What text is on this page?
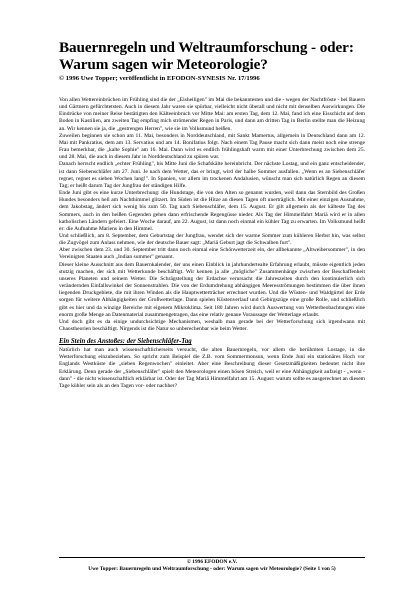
Bauernregeln und Weltraumforschung - oder: Warum sagen wir Meteorologie?

© 1996 Uwe Topper; veröffentlicht in EFODON-SYNESIS Nr. 17/1996

Von allen Wettereinbrüchen im Frühling sind die der „Eisheiligen" im Mai die bekanntesten und die - wegen der Nachtfröste - bei Bauern und Gärtnern gefürchtetsten. Auch in diesem Jahr waren sie spürbar, vielleicht nicht überall und nicht mit denselben Auswirkungen. Die Eindrücke von meiner Reise bestätigten den Kälteeinbruch vor Mitte Mai: am ersten Tag, dem 12. Mai, fand ich eine Eisschicht auf dem Boden in Kastilien, am zweiten Tag empfing mich strömender Regen in Paris, und dann am dritten Tag in Berlin stellte man die Heizung an. Wir kennen sie ja, die „gestrengen Herren", wie sie im Volksmund heißen.

Zuweilen beginnen sie schon am 11. Mai, besonders in Norddeutschland, mit Sankt Mamertus, allgemein in Deutschland dann am 12. Mai mit Pankratius, dem am 13. Servatius und am 14. Bonifatius folgt. Nach einem Tag Pause macht sich dann meist noch eine strenge Frau bemerkbar, die „kalte Sophie" am 16. Mai. Dann wird es endlich frühlingshaft warm mit einer Unterbrechung zwischen dem 25. und 28. Mai, die auch in diesem Jahr in Norddeutschland zu spüren war.

Danach herrscht endlich „echter Frühling", bis Mitte Juni die Schafskälte hereinbricht. Der nächste Lostag, und ein ganz entscheidender, ist dann Siebenschläfer am 27. Juni. Je nach dem Wetter, das er bringt, wird der halbe Sommer ausfallen. „Wenn es an Siebenschläfer regnet, regnet es sieben Wochen lang!". In Spanien, vor allem im trockenen Andalusien, wünscht man sich natürlich Regen an diesem Tag; er heißt darum Tag der Jungfrau der ständigen Hilfe.

Ende Juni gibt es eine kurze Unterbrechung: die Hundstage, die von den Alten so genannt wurden, weil dann das Sternbild des Großen Hundes besonders hell am Nachthimmel glitzert. Im Süden ist die Hitze an diesen Tagen oft unerträglich. Mit einer einzigen Ausnahme, dem Jakobstag, ändert sich wenig bis zum 50. Tag nach Siebenschläfer, dem 15. August. Er gilt allgemein als der kälteste Tag des Sommers, auch in den heißen Gegenden gehen dann erfrischende Regengüsse nieder. Als Tag der Himmelfahrt Mariä wird er in allen katholischen Ländern gefeiert. Eine Woche darauf, am 22. August, ist dann noch einmal ein kühler Tag zu erwarten. Im Volksmund heißt er: die Aufnahme Mariens in den Himmel.

Und schließlich, am 8. September, dem Geburtstag der Jungfrau, wendet sich der warme Sommer zum kühleren Herbst hin, was selbst die Zugvögel zum Anlass nehmen, wie der deutsche Bauer sagt: „Mariä Geburt jagt die Schwalben furt".

Aber zwischen dem 23. und 30. September tritt dann noch einmal eine Schönwetterzeit ein, der allbekannte „Altweibersommer", in den Vereinigten Staaten auch „Indian summer" genannt.

Dieser kleine Ausschnitt aus dem Bauernkalender, der uns einen Einblick in jahrhundertealte Erfahrung erlaubt, müsste eigentlich jeden stutzig machen, der sich mit Wetterkunde beschäftigt. Wir kennen ja alle „mögliche" Zusammenhänge zwischen der Beschaffenheit unseres Planeten und seinem Wetter. Die Schrägstellung der Erdachse verursacht die Jahreszeiten durch den kontinuierlich sich verändernden Einfallswinkel der Sonnenstrahlen. Die von der Erdumdrehung abhängigen Meeresströmungen bestimmen die über ihnen liegenden Druckgebiete, die mit ihren Winden als die Hauptwetterträcher errechnet wurden. Und die Wüsten- und Waldgürtel der Erde sorgen für weitere Abhängigkeiten der Großwetterlage. Dann spielen Küstenverlauf und Gebirgszüge eine große Rolle, und schließlich gibt es hier und da winzige Bereiche mit eigenem Mikroklima. Seit 180 Jahren wird durch Auswertung von Wetterbeobachtungen eine enorm große Menge an Datenmaterial zusammengetragen, das eine relativ genaue Voraussage der Wetterlage erlaubt.

Und doch gibt es da einige undurchsichtige Mechanismen, weshalb man gerade bei der Wetterforschung sich irgendwann mit Chaostheorien beschäftigt. Nirgends ist die Natur so unberechenbar wie beim Wetter.

Ein Stein des Anstoßes: der Siebenschläfer-Tag

Natürlich hat man auch wissenschaftlicherseits versucht, die alten Bauernregeln, vor allem die berühmten Lostage, in die Wetterforschung einzubeziehen. So spricht zum Beispiel die Z.B. vom Sommermonsun, wenn Ende Juni ein stationäres Hoch vor Englands Westküste die „sieben Regenwochen" einleitet. Aber eine Beschreibung dieser Gesetzmäßigkeiten bedeutet nicht ihre Erklärung. Denn gerade der „Siebenschläfer" spielt den Meteorologen einen bösen Streich, weil er eine Abhängigkeit aufzeigt - „wenn - dann" - die nicht wissenschaftlich erklärbar ist. Oder der Tag Mariä Himmelfahrt am 15. August: warum sollte es ausgerechnet an diesem Tage kühler sein als an den Tagen vor- oder nachher?

© 1996 EFODON e.V.
Uwe Topper: Bauernregeln und Weltraumforschung - oder: Warum sagen wir Meteorologie? (Seite 1 von 5)
